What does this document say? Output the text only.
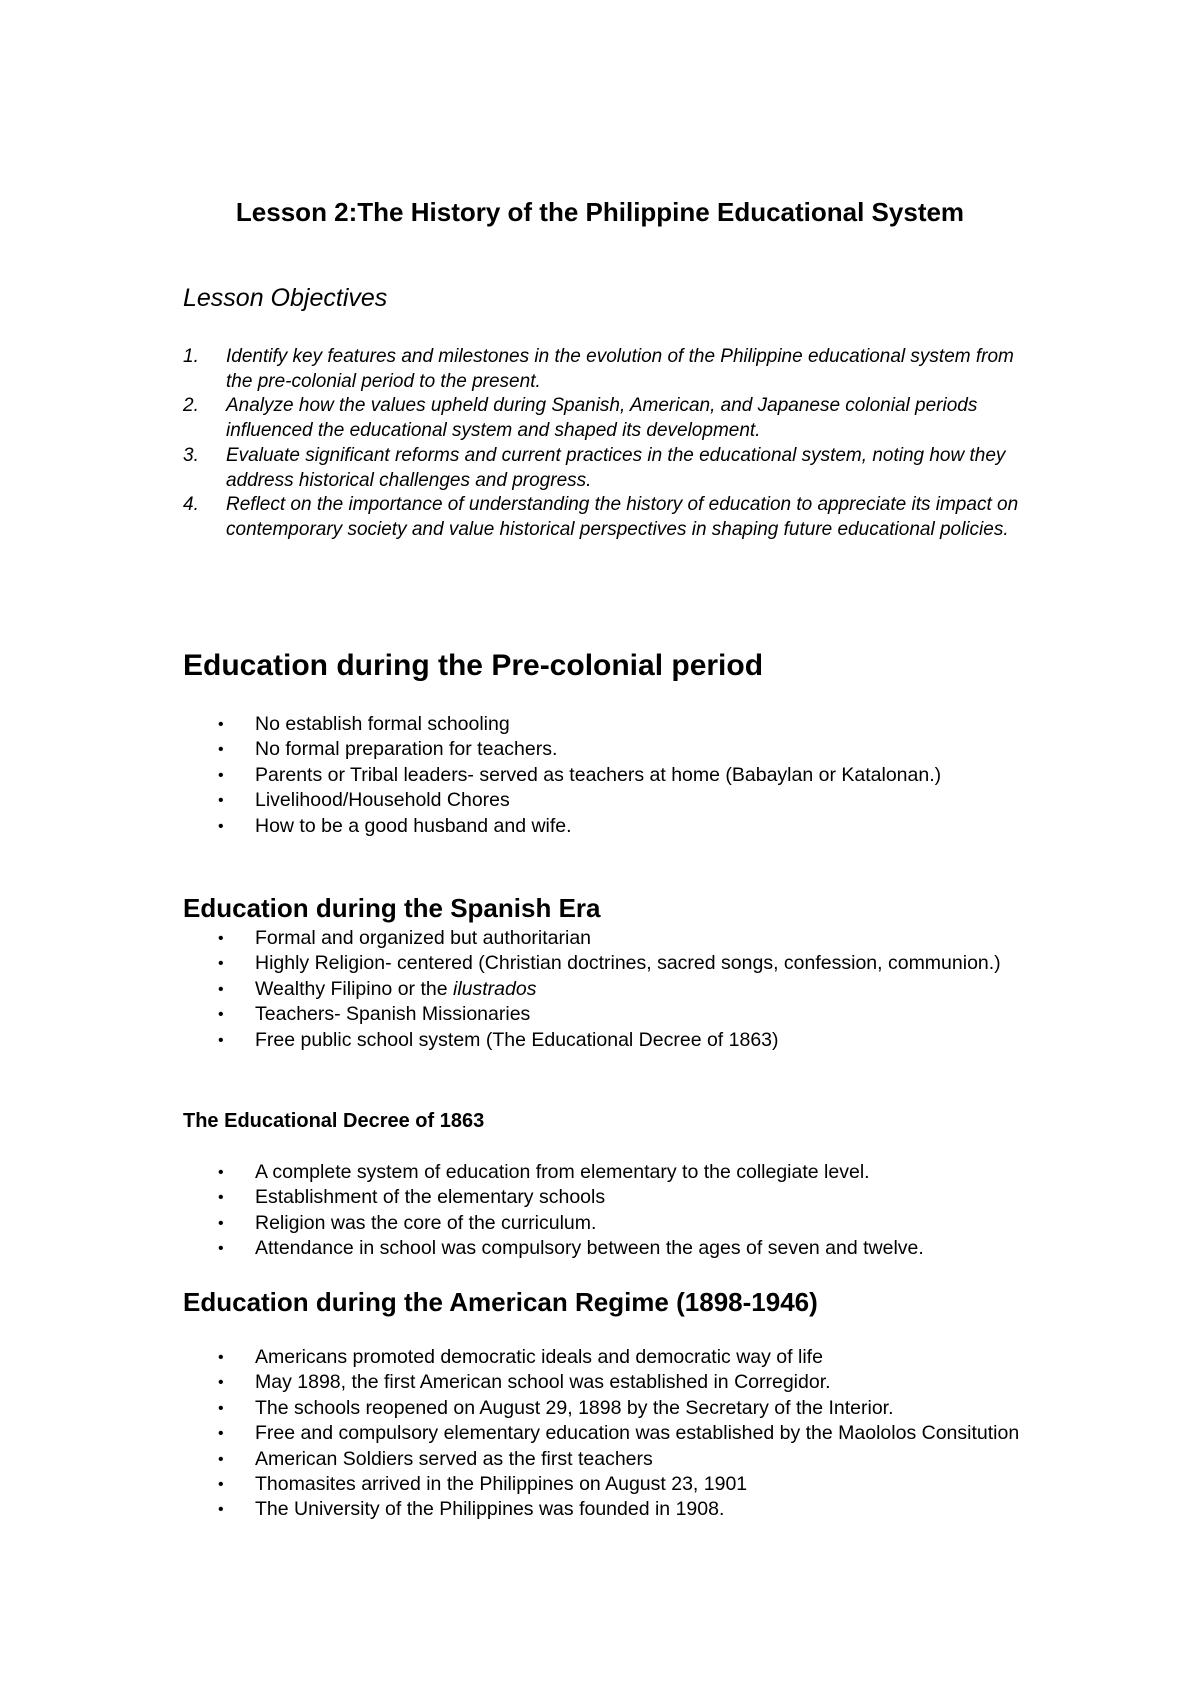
Lesson 2:The History of the Philippine Educational System
Lesson Objectives
1. Identify key features and milestones in the evolution of the Philippine educational system from the pre-colonial period to the present.
2. Analyze how the values upheld during Spanish, American, and Japanese colonial periods influenced the educational system and shaped its development.
3. Evaluate significant reforms and current practices in the educational system, noting how they address historical challenges and progress.
4. Reflect on the importance of understanding the history of education to appreciate its impact on contemporary society and value historical perspectives in shaping future educational policies.
Education during the Pre-colonial period
• No establish formal schooling
• No formal preparation for teachers.
• Parents or Tribal leaders- served as teachers at home (Babaylan or Katalonan.)
• Livelihood/Household Chores
• How to be a good husband and wife.
Education during the Spanish Era
• Formal and organized but authoritarian
• Highly Religion- centered (Christian doctrines, sacred songs, confession, communion.)
• Wealthy Filipino or the ilustrados
• Teachers- Spanish Missionaries
• Free public school system (The Educational Decree of 1863)
The Educational Decree of 1863
• A complete system of education from elementary to the collegiate level.
• Establishment of the elementary schools
• Religion was the core of the curriculum.
• Attendance in school was compulsory between the ages of seven and twelve.
Education during the American Regime (1898-1946)
• Americans promoted democratic ideals and democratic way of life
• May 1898, the first American school was established in Corregidor.
• The schools reopened on August 29, 1898 by the Secretary of the Interior.
• Free and compulsory elementary education was established by the Maololos Consitution
• American Soldiers served as the first teachers
• Thomasites arrived in the Philippines on August 23, 1901
• The University of the Philippines was founded in 1908.
